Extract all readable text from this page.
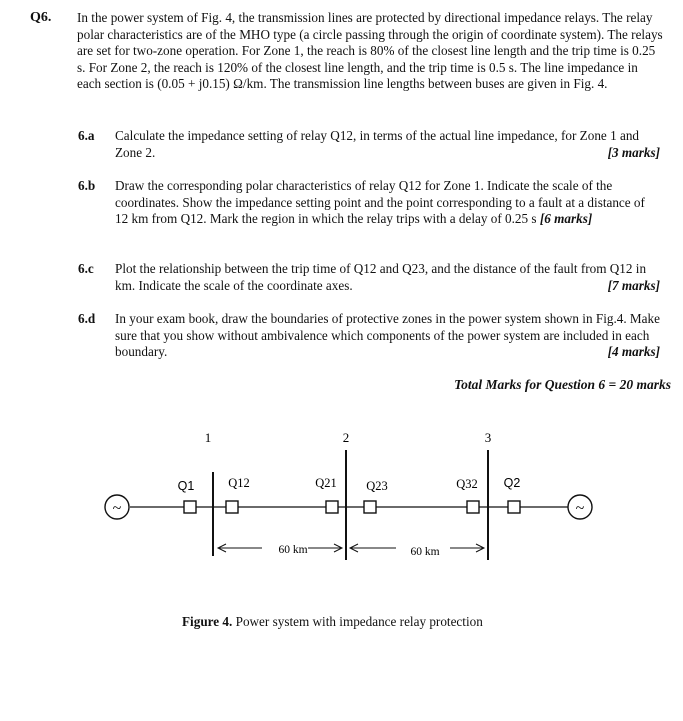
Q6. In the power system of Fig. 4, the transmission lines are protected by directional impedance relays. The relay polar characteristics are of the MHO type (a circle passing through the origin of coordinate system). The relays are set for two-zone operation. For Zone 1, the reach is 80% of the closest line length and the trip time is 0.25 s. For Zone 2, the reach is 120% of the closest line length, and the trip time is 0.5 s. The line impedance in each section is (0.05 + j0.15) Ω/km. The transmission line lengths between buses are given in Fig. 4.

6.a Calculate the impedance setting of relay Q12, in terms of the actual line impedance, for Zone 1 and Zone 2.	[3 marks]
6.b Draw the corresponding polar characteristics of relay Q12 for Zone 1. Indicate the scale of the coordinates. Show the impedance setting point and the point corresponding to a fault at a distance of 12 km from Q12. Mark the region in which the relay trips with a delay of 0.25 s [6 marks]
6.c Plot the relationship between the trip time of Q12 and Q23, and the distance of the fault from Q12 in km. Indicate the scale of the coordinate axes.	[7 marks]
6.d In your exam book, draw the boundaries of protective zones in the power system shown in Fig.4. Make sure that you show without ambivalence which components of the power system are included in each boundary.	[4 marks]
Total Marks for Question 6 = 20 marks
~	~
1	2	3
Q1	Q12	Q21 Q23	Q32 Q2
60 km	60 km
Figure 4. Power system with impedance relay protection
